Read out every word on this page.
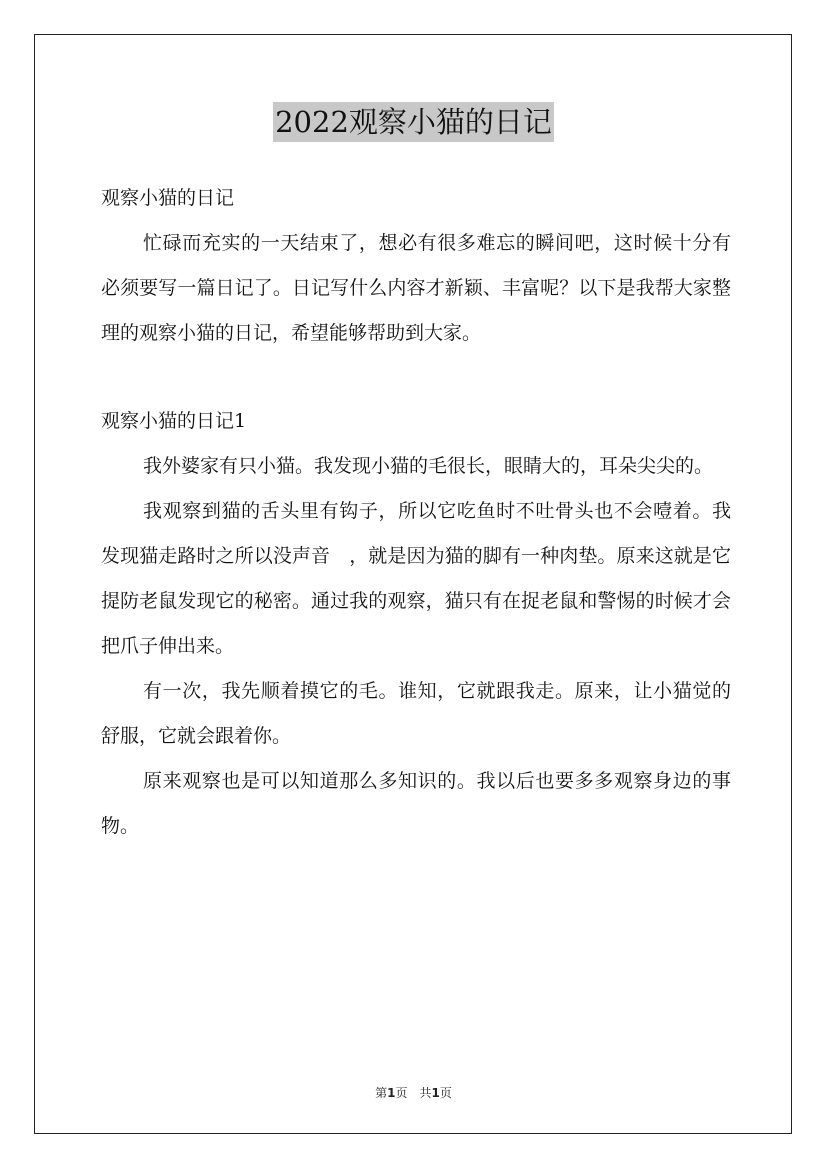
2022观察小猫的日记

观察小猫的日记

忙碌而充实的一天结束了，想必有很多难忘的瞬间吧，这时候十分有必须要写一篇日记了。日记写什么内容才新颖、丰富呢？以下是我帮大家整理的观察小猫的日记，希望能够帮助到大家。

观察小猫的日记1

我外婆家有只小猫。我发现小猫的毛很长，眼睛大的，耳朵尖尖的。

我观察到猫的舌头里有钩子，所以它吃鱼时不吐骨头也不会噎着。我发现猫走路时之所以没声音　，就是因为猫的脚有一种肉垫。原来这就是它提防老鼠发现它的秘密。通过我的观察，猫只有在捉老鼠和警惕的时候才会把爪子伸出来。

有一次，我先顺着摸它的毛。谁知，它就跟我走。原来，让小猫觉的舒服，它就会跟着你。

原来观察也是可以知道那么多知识的。我以后也要多多观察身边的事物。

第1页 共1页
